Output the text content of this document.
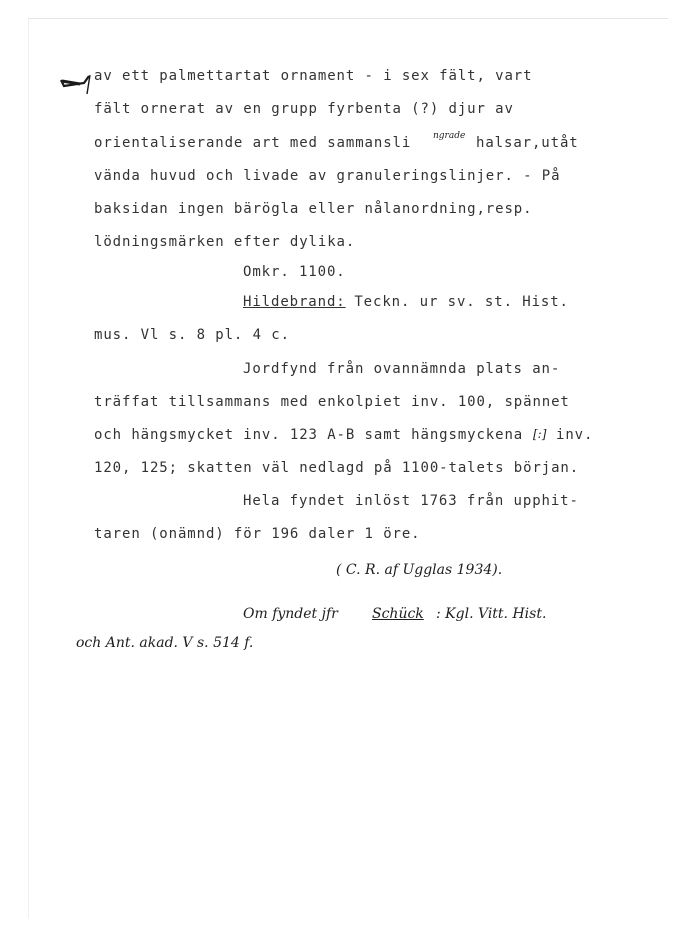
av ett palmettartat ornament - i sex fält, vart
fält ornerat av en grupp fyrbenta (?) djur av
orientaliserande art med sammansli ngrade halsar,utåt
vända huvud och livade av granuleringslinjer. - På
baksidan ingen bärögla eller nålanordning,resp.
lödningsmärken efter dylika.
Omkr. 1100.
Hildebrand: Teckn. ur sv. st. Hist.
mus. Vl s. 8 pl. 4 c.
Jordfynd från ovannämnda plats an-
träffat tillsammans med enkolpiet inv. 100, spännet
och hängsmycket inv. 123 A-B samt hängsmyckena [:] inv.
120, 125; skatten väl nedlagd på 1100-talets början.
Hela fyndet inlöst 1763 från upphit-
taren (onämnd) för 196 daler 1 öre.
( C. R. af Ugglas 1934).
Om fyndet jfr Schück : Kgl. Vitt. Hist.
och Ant. akad. V s. 514 f.
